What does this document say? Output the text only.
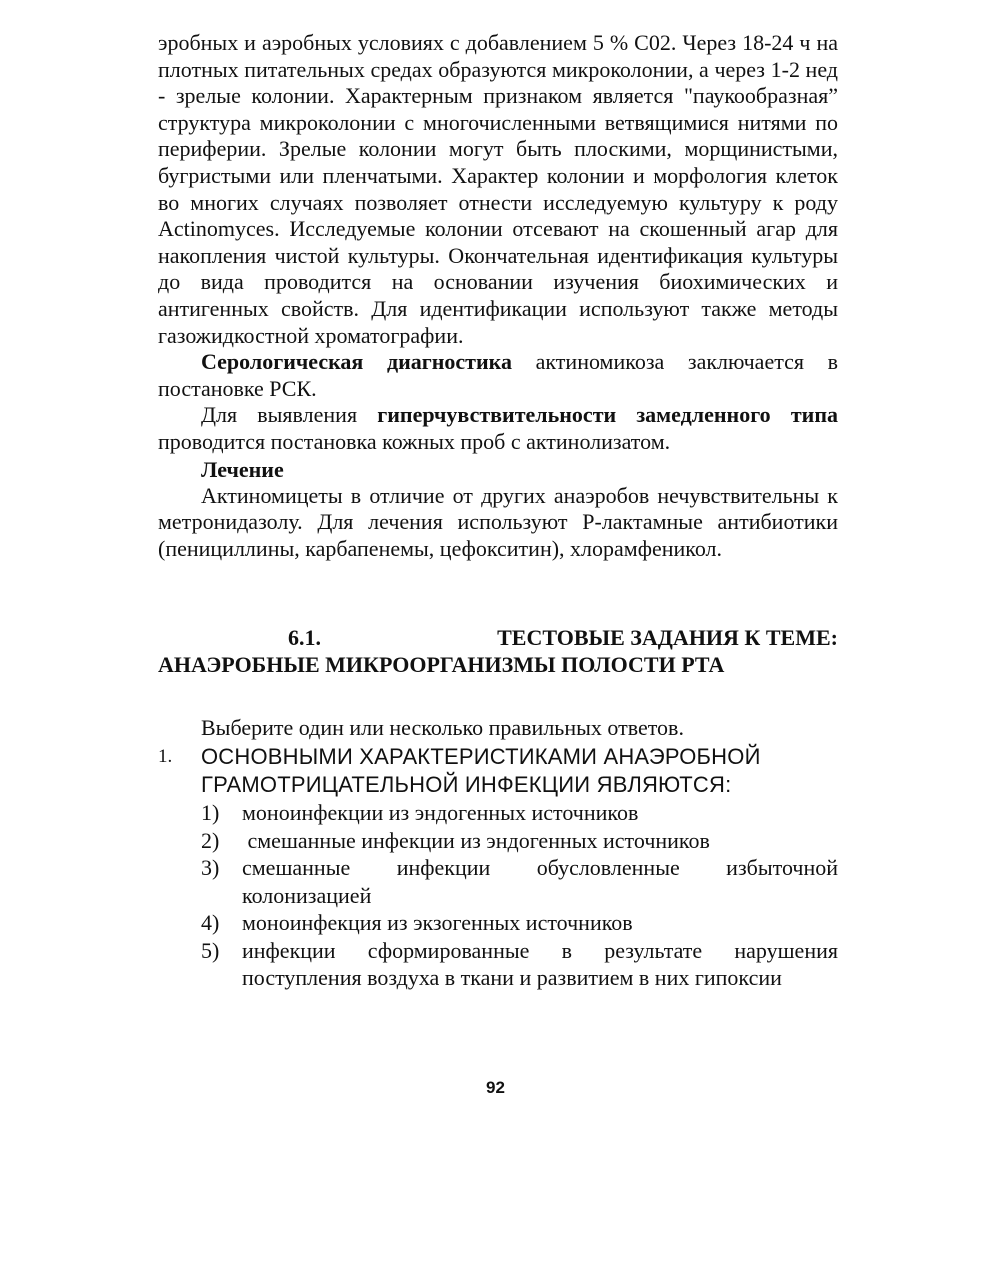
эробных и аэробных условиях с добавлением 5 % С02. Через 18-24 ч на плотных питательных средах образуются микроколонии, а через 1-2 нед - зрелые колонии. Характерным признаком является "паукообразная” структура микроколонии с многочисленными ветвящимися нитями по периферии. Зрелые колонии могут быть плоскими, морщинистыми, бугристыми или пленчатыми. Характер колонии и морфология клеток во многих случаях позволяет отнести исследуемую культуру к роду Actinomyces. Исследуемые колонии отсевают на скошенный агар для накопления чистой культуры. Окончательная идентификация культуры до вида проводится на основании изучения биохимических и антигенных свойств. Для идентификации используют также методы газожидкостной хроматографии.

Серологическая диагностика актиномикоза заключается в постановке РСК.

Для выявления гиперчувствительности замедленного типа проводится постановка кожных проб с актинолизатом.

Лечение

Актиномицеты в отличие от других анаэробов нечувствительны к метронидазолу. Для лечения используют Р-лактамные антибиотики (пенициллины, карбапенемы, цефокситин), хлорамфеникол.

6.1.	ТЕСТОВЫЕ ЗАДАНИЯ К ТЕМЕ:
АНАЭРОБНЫЕ МИКРООРГАНИЗМЫ ПОЛОСТИ РТА
Выберите один или несколько правильных ответов.
1.	ОСНОВНЫМИ ХАРАКТЕРИСТИКАМИ АНАЭРОБНОЙ ГРАМОТРИЦАТЕЛЬНОЙ ИНФЕКЦИИ ЯВЛЯЮТСЯ:
1)	моноинфекции из эндогенных источников
2)	смешанные инфекции из эндогенных источников
3)	смешанные инфекции обусловленные избыточной колонизацией
4)	моноинфекция из экзогенных источников
5)	инфекции сформированные в результате нарушения поступления воздуха в ткани и развитием в них гипоксии
92
